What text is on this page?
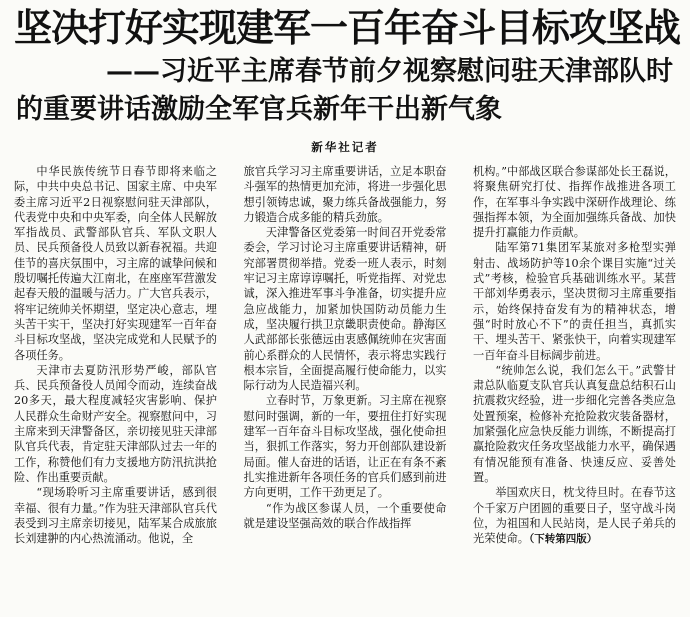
坚决打好实现建军一百年奋斗目标攻坚战
——习近平主席春节前夕视察慰问驻天津部队时
的重要讲话激励全军官兵新年干出新气象
新华社记者

中华民族传统节日春节即将来临之际，中共中央总书记、国家主席、中央军委主席习近平2日视察慰问驻天津部队，代表党中央和中央军委，向全体人民解放军指战员、武警部队官兵、军队文职人员、民兵预备役人员致以新春祝福。共迎佳节的喜庆氛围中，习主席的诚挚问候和殷切嘱托传遍大江南北，在座座军营激发起春天般的温暖与活力。广大官兵表示，将牢记统帅关怀期望，坚定决心意志，埋头苦干实干，坚决打好实现建军一百年奋斗目标攻坚战，坚决完成党和人民赋予的各项任务。

天津市去夏防汛形势严峻，部队官兵、民兵预备役人员闻令而动，连续奋战20多天，最大程度减轻灾害影响、保护人民群众生命财产安全。视察慰问中，习主席来到天津警备区，亲切接见驻天津部队官兵代表，肯定驻天津部队过去一年的工作，称赞他们有力支援地方防汛抗洪抢险、作出重要贡献。

“现场聆听习主席重要讲话，感到很幸福、很有力量。”作为驻天津部队官兵代表受到习主席亲切接见，陆军某合成旅旅长刘建翀的内心热流涌动。他说，全

旅官兵学习习主席重要讲话，立足本职奋斗强军的热情更加充沛，将进一步强化思想引领铸忠诚，聚力练兵备战强能力，努力锻造合成多能的精兵劲旅。

天津警备区党委第一时间召开党委常委会，学习讨论习主席重要讲话精神，研究部署贯彻举措。党委一班人表示，时刻牢记习主席谆谆嘱托，听党指挥、对党忠诚，深入推进军事斗争准备，切实提升应急应战能力，加紧加快国防动员能力生成，坚决履行拱卫京畿职责使命。静海区人武部部长张德远由衷感佩统帅在灾害面前心系群众的人民情怀，表示将忠实践行根本宗旨，全面提高履行使命能力，以实际行动为人民造福兴利。

立春时节，万象更新。习主席在视察慰问时强调，新的一年，要扭住打好实现建军一百年奋斗目标攻坚战，强化使命担当，狠抓工作落实，努力开创部队建设新局面。催人奋进的话语，让正在有条不紊扎实推进新年各项任务的官兵们感到前进方向更明，工作干劲更足了。

“作为战区参谋人员，一个重要使命就是建设坚强高效的联合作战指挥

机构。”中部战区联合参谋部处长王磊说，将聚焦研究打仗、指挥作战推进各项工作，在军事斗争实践中深研作战理论、练强指挥本领，为全面加强练兵备战、加快提升打赢能力作贡献。

陆军第71集团军某旅对多枪型实弹射击、战场防护等10余个课目实施“过关式”考核，检验官兵基础训练水平。某营干部刘华勇表示，坚决贯彻习主席重要指示，始终保持奋发有为的精神状态，增强“时时放心不下”的责任担当，真抓实干、埋头苦干、紧张快干，向着实现建军一百年奋斗目标阔步前进。

“统帅怎么说，我们怎么干。”武警甘肃总队临夏支队官兵认真复盘总结积石山抗震救灾经验，进一步细化完善各类应急处置预案，检修补充抢险救灾装备器材，加紧强化应急快反能力训练，不断提高打赢抢险救灾任务攻坚战能力水平，确保遇有情况能预有准备、快速反应、妥善处置。

举国欢庆日，枕戈待旦时。在春节这个千家万户团圆的重要日子，坚守战斗岗位，为祖国和人民站岗，是人民子弟兵的光荣使命。（下转第四版）
